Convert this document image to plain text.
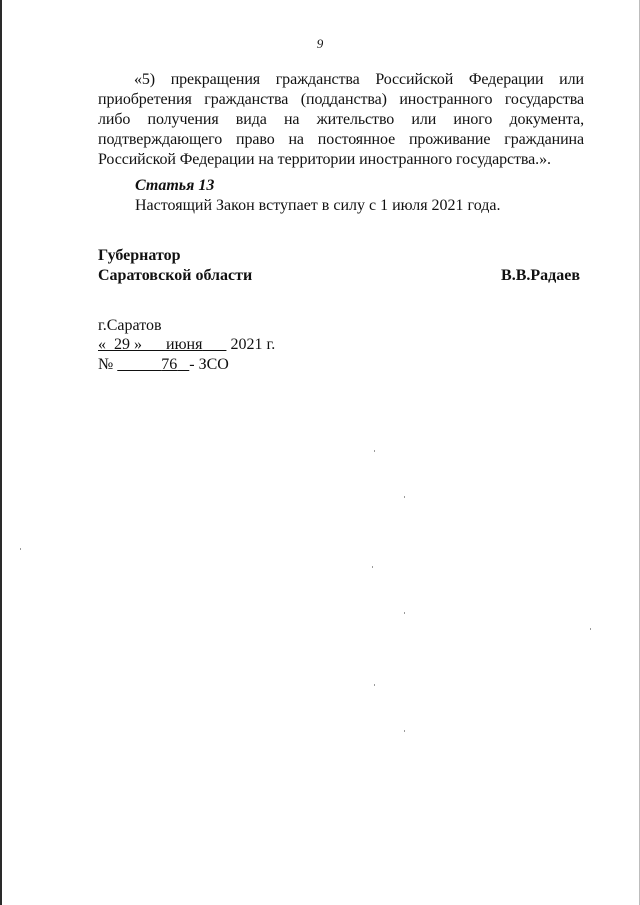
9
«5) прекращения гражданства Российской Федерации или приобретения гражданства (подданства) иностранного государства либо получения вида на жительство или иного документа, подтверждающего право на постоянное проживание гражданина Российской Федерации на территории иностранного государства.».
Статья 13
Настоящий Закон вступает в силу с 1 июля 2021 года.
Губернатор
Саратовской области	В.В.Радаев
г.Саратов
« 29 » июня 2021 г.
№	76 - ЗСО
